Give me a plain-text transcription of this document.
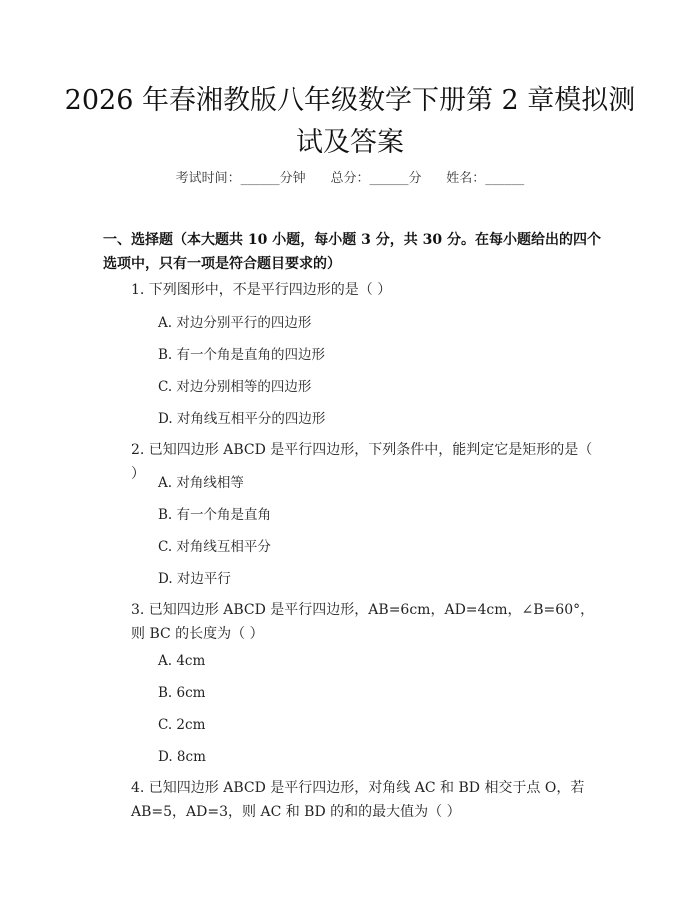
2026 年春湘教版八年级数学下册第 2 章模拟测试及答案
考试时间：______分钟 总分：______分 姓名：______
一、选择题（本大题共 10 小题，每小题 3 分，共 30 分。在每小题给出的四个选项中，只有一项是符合题目要求的）
1. 下列图形中，不是平行四边形的是（ ）
A. 对边分别平行的四边形
B. 有一个角是直角的四边形
C. 对边分别相等的四边形
D. 对角线互相平分的四边形
2. 已知四边形 ABCD 是平行四边形，下列条件中，能判定它是矩形的是（ ）
A. 对角线相等
B. 有一个角是直角
C. 对角线互相平分
D. 对边平行
3. 已知四边形 ABCD 是平行四边形，AB=6cm，AD=4cm，∠B=60°，则 BC 的长度为（ ）
A. 4cm
B. 6cm
C. 2cm
D. 8cm
4. 已知四边形 ABCD 是平行四边形，对角线 AC 和 BD 相交于点 O，若 AB=5，AD=3，则 AC 和 BD 的和的最大值为（ ）
